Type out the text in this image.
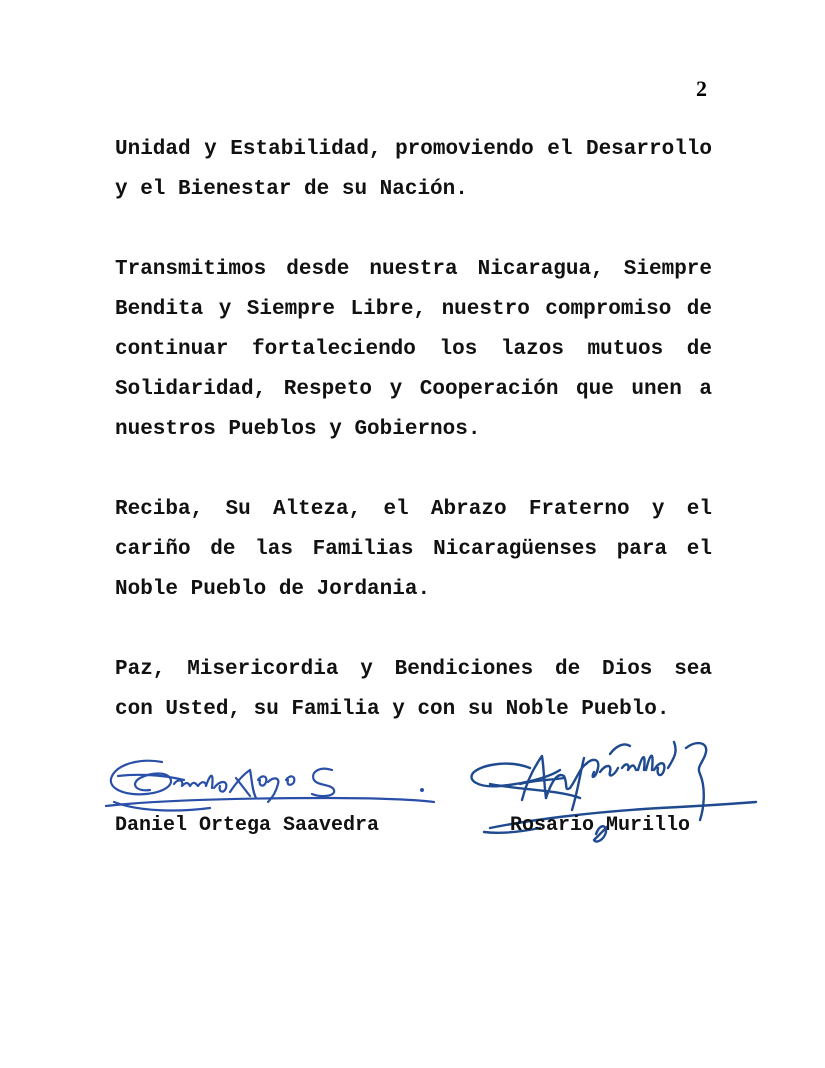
2
Unidad y Estabilidad, promoviendo el Desarrollo
y el Bienestar de su Nación.
Transmitimos desde nuestra Nicaragua, Siempre
Bendita y Siempre Libre, nuestro compromiso de
continuar fortaleciendo los lazos mutuos de
Solidaridad, Respeto y Cooperación que unen a
nuestros Pueblos y Gobiernos.
Reciba, Su Alteza, el Abrazo Fraterno y el
cariño de las Familias Nicaragüenses para el
Noble Pueblo de Jordania.
Paz, Misericordia y Bendiciones de Dios sea
con Usted, su Familia y con su Noble Pueblo.
Daniel Ortega Saavedra	Rosario Murillo
